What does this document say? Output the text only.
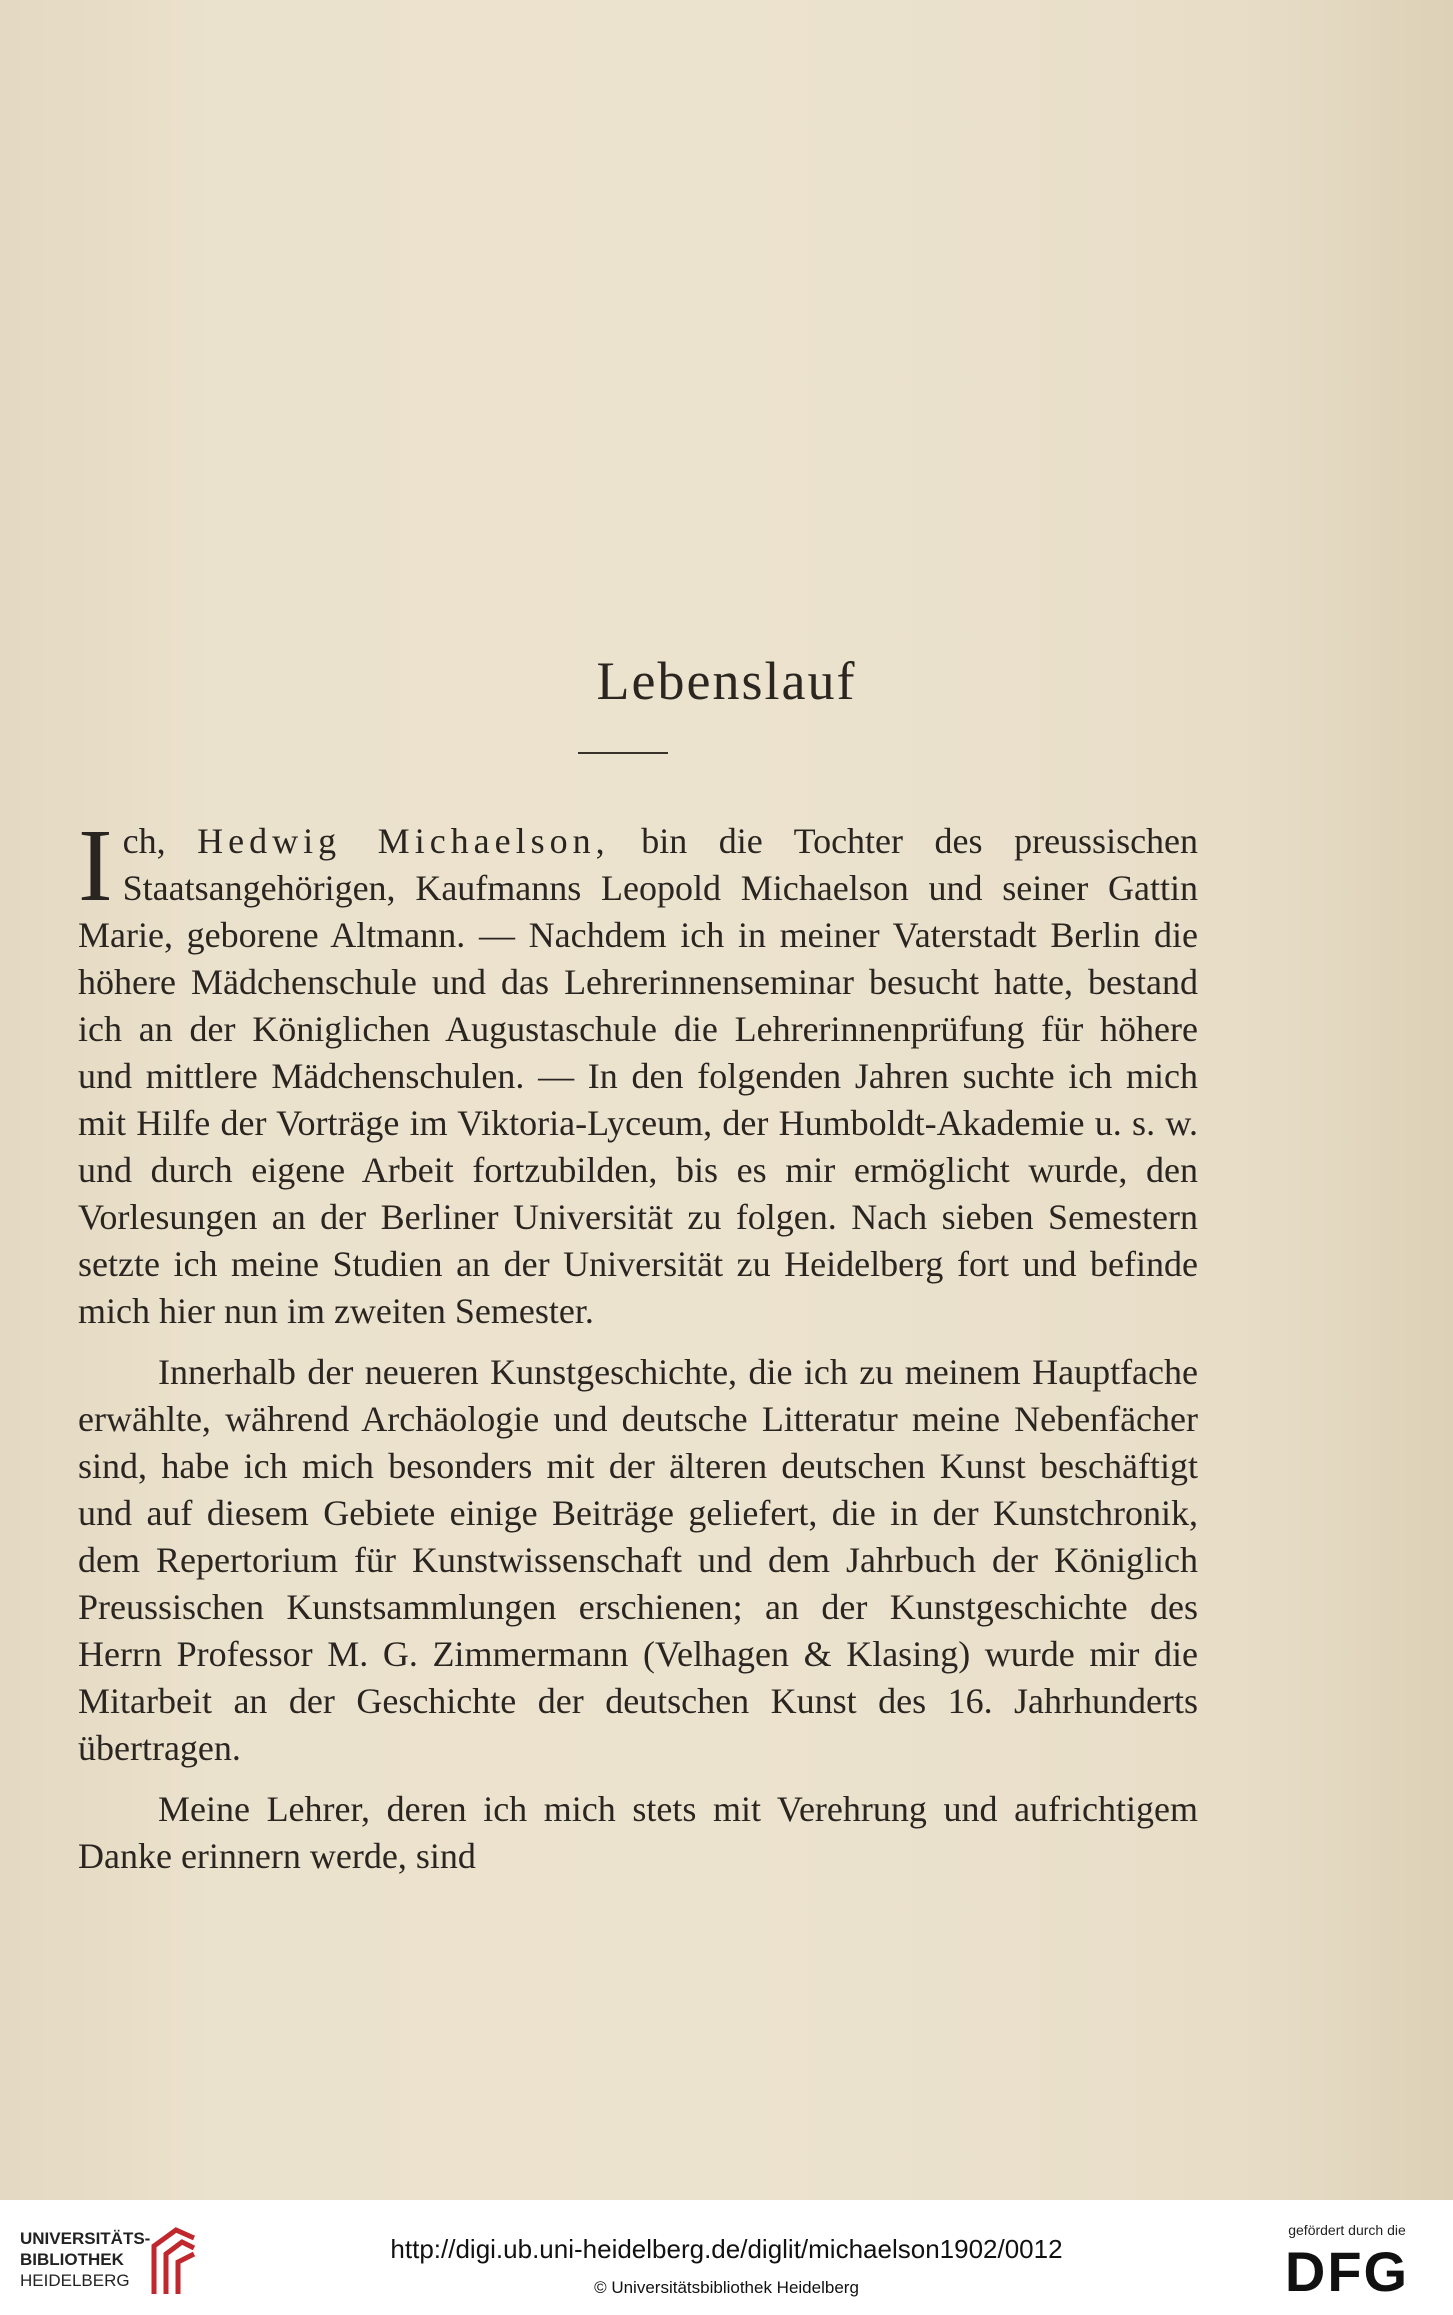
Lebenslauf

Ich, Hedwig Michaelson, bin die Tochter des preussischen Staatsangehörigen, Kaufmanns Leopold Michaelson und seiner Gattin Marie, geborene Altmann. — Nachdem ich in meiner Vaterstadt Berlin die höhere Mädchenschule und das Lehrerinnenseminar besucht hatte, bestand ich an der Königlichen Augustaschule die Lehrerinnenprüfung für höhere und mittlere Mädchenschulen. — In den folgenden Jahren suchte ich mich mit Hilfe der Vorträge im Viktoria-Lyceum, der Humboldt-Akademie u. s. w. und durch eigene Arbeit fortzubilden, bis es mir ermöglicht wurde, den Vorlesungen an der Berliner Universität zu folgen. Nach sieben Semestern setzte ich meine Studien an der Universität zu Heidelberg fort und befinde mich hier nun im zweiten Semester.

Innerhalb der neueren Kunstgeschichte, die ich zu meinem Hauptfache erwählte, während Archäologie und deutsche Litteratur meine Nebenfächer sind, habe ich mich besonders mit der älteren deutschen Kunst beschäftigt und auf diesem Gebiete einige Beiträge geliefert, die in der Kunstchronik, dem Repertorium für Kunstwissenschaft und dem Jahrbuch der Königlich Preussischen Kunstsammlungen erschienen; an der Kunstgeschichte des Herrn Professor M. G. Zimmermann (Velhagen & Klasing) wurde mir die Mitarbeit an der Geschichte der deutschen Kunst des 16. Jahrhunderts übertragen.

Meine Lehrer, deren ich mich stets mit Verehrung und aufrichtigem Danke erinnern werde, sind

UNIVERSITÄTS-
BIBLIOTHEK
HEIDELBERG
http://digi.ub.uni-heidelberg.de/diglit/michaelson1902/0012
© Universitätsbibliothek Heidelberg
gefördert durch die
DFG
